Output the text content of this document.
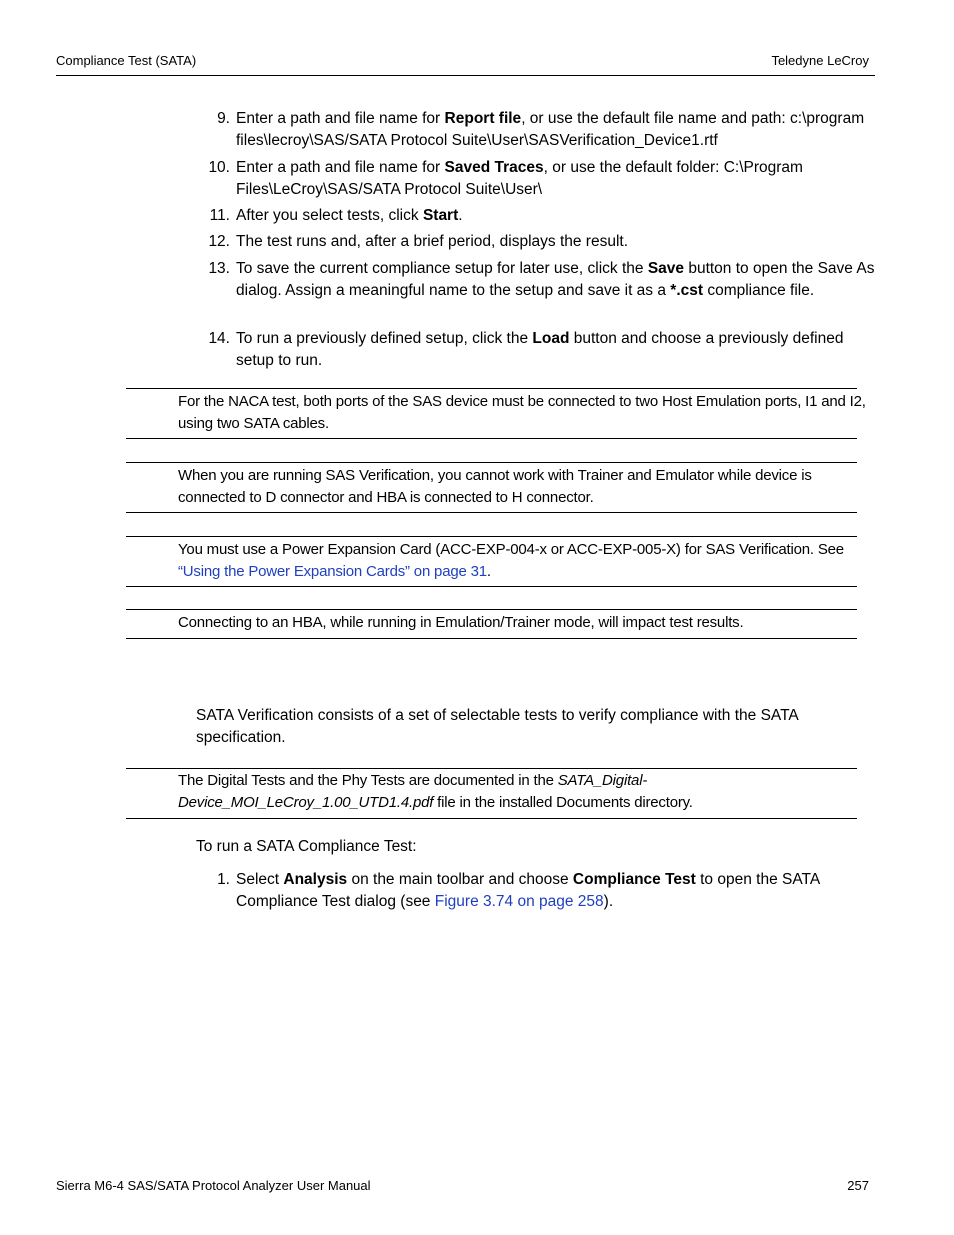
Compliance Test (SATA)	Teledyne LeCroy
9. Enter a path and file name for Report file, or use the default file name and path: c:\program files\lecroy\SAS/SATA Protocol Suite\User\SASVerification_Device1.rtf
10. Enter a path and file name for Saved Traces, or use the default folder: C:\Program Files\LeCroy\SAS/SATA Protocol Suite\User\
11. After you select tests, click Start.
12. The test runs and, after a brief period, displays the result.
13. To save the current compliance setup for later use, click the Save button to open the Save As dialog. Assign a meaningful name to the setup and save it as a *.cst compliance file.
14. To run a previously defined setup, click the Load button and choose a previously defined setup to run.
For the NACA test, both ports of the SAS device must be connected to two Host Emulation ports, I1 and I2, using two SATA cables.
When you are running SAS Verification, you cannot work with Trainer and Emulator while device is connected to D connector and HBA is connected to H connector.
You must use a Power Expansion Card (ACC-EXP-004-x or ACC-EXP-005-X) for SAS Verification. See “Using the Power Expansion Cards” on page 31.
Connecting to an HBA, while running in Emulation/Trainer mode, will impact test results.
SATA Verification consists of a set of selectable tests to verify compliance with the SATA specification.
The Digital Tests and the Phy Tests are documented in the SATA_Digital-Device_MOI_LeCroy_1.00_UTD1.4.pdf file in the installed Documents directory.
To run a SATA Compliance Test:
1. Select Analysis on the main toolbar and choose Compliance Test to open the SATA Compliance Test dialog (see Figure 3.74 on page 258).
Sierra M6-4 SAS/SATA Protocol Analyzer User Manual	257
